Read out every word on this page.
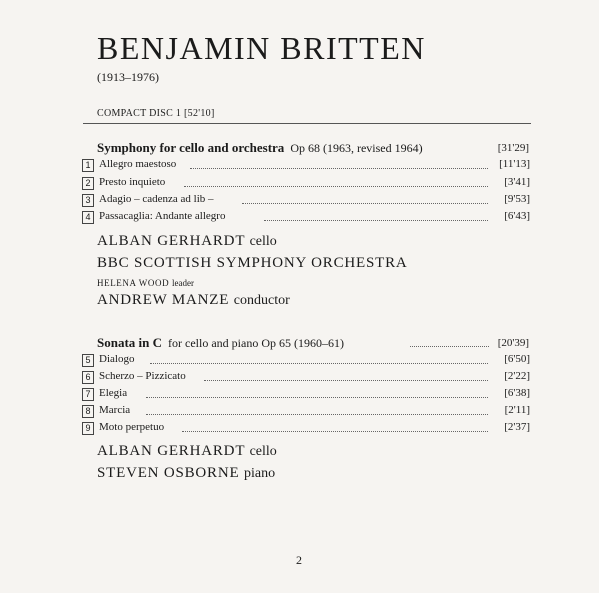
BENJAMIN BRITTEN
(1913–1976)
COMPACT DISC 1 [52'10]
Symphony for cello and orchestra Op 68 (1963, revised 1964)	[31'29]
1 Allegro maestoso	[11'13]
2 Presto inquieto	[3'41]
3 Adagio – cadenza ad lib –	[9'53]
4 Passacaglia: Andante allegro	[6'43]
ALBAN GERHARDT cello
BBC SCOTTISH SYMPHONY ORCHESTRA
HELENA WOOD leader
ANDREW MANZE conductor
Sonata in C for cello and piano Op 65 (1960–61)	[20'39]
5 Dialogo	[6'50]
6 Scherzo – Pizzicato	[2'22]
7 Elegia	[6'38]
8 Marcia	[2'11]
9 Moto perpetuo	[2'37]
ALBAN GERHARDT cello
STEVEN OSBORNE piano
2
